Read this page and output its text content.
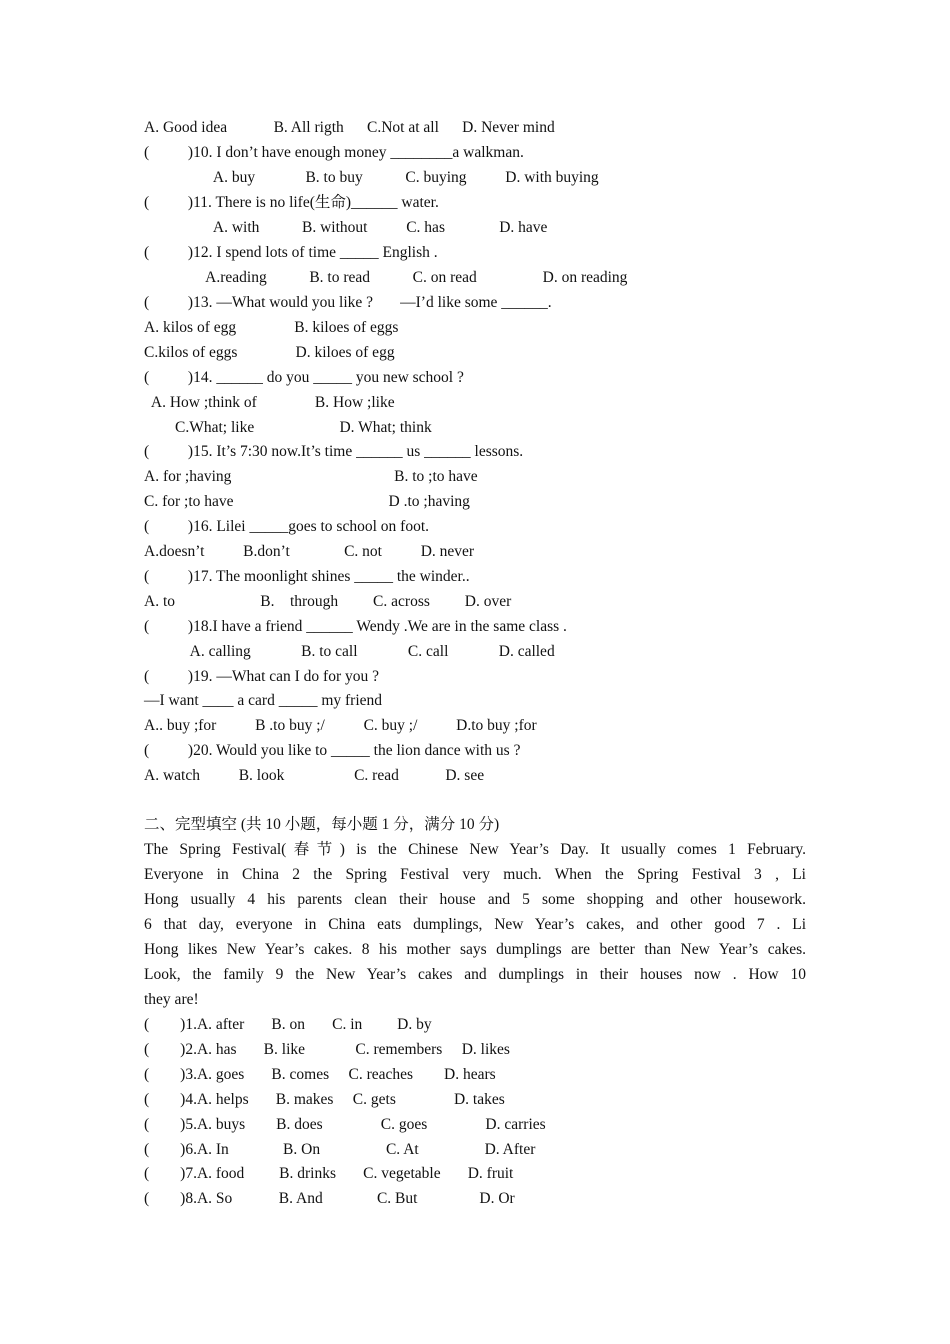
A. Good idea            B. All rigth      C.Not at all      D. Never mind

(          )10. I don’t have enough money ________a walkman.

A. buy             B. to buy           C. buying          D. with buying

(          )11. There is no life(生命)______ water.

A. with           B. without          C. has              D. have

(          )12. I spend lots of time _____ English .

A.reading           B. to read           C. on read                 D. on reading

(          )13. —What would you like ?       —I’d like some ______.

A. kilos of egg               B. kiloes of eggs

C.kilos of eggs               D. kiloes of egg

(          )14. ______ do you _____ you new school ?

A. How ;think of               B. How ;like

C.What; like                      D. What; think

(          )15. It’s 7:30 now.It’s time ______ us ______ lessons.

A. for ;having                                          B. to ;to have

C. for ;to have                                        D .to ;having

(          )16. Lilei _____goes to school on foot.

A.doesn’t          B.don’t              C. not          D. never

(          )17. The moonlight shines _____ the winder..

A. to                      B.    through         C. across         D. over

(          )18.I have a friend ______ Wendy .We are in the same class .

A. calling             B. to call             C. call             D. called

(          )19. —What can I do for you ?

—I want ____ a card _____ my friend

A.. buy ;for          B .to buy ;/          C. buy ;/          D.to buy ;for

(          )20. Would you like to _____ the lion dance with us ?

A. watch          B. look                  C. read            D. see

二、完型填空 (共 10 小题，每小题 1 分，满分 10 分)

The Spring Festival(春节) is the Chinese New Year’s Day. It usually comes 1 February.

Everyone in China 2 the Spring Festival very much. When the Spring Festival 3 , Li

Hong usually 4 his parents clean their house and 5 some shopping and other housework.

6 that day, everyone in China eats dumplings, New Year’s cakes, and other good 7 . Li

Hong likes New Year’s cakes. 8 his mother says dumplings are better than New Year’s cakes.

Look, the family 9 the New Year’s cakes and dumplings in their houses now . How 10

they are!

(        )1.A. after       B. on       C. in         D. by

(        )2.A. has       B. like             C. remembers     D. likes

(        )3.A. goes       B. comes     C. reaches        D. hears

(        )4.A. helps       B. makes     C. gets               D. takes

(        )5.A. buys        B. does               C. goes               D. carries

(        )6.A. In              B. On                 C. At                 D. After

(        )7.A. food         B. drinks       C. vegetable       D. fruit

(        )8.A. So            B. And              C. But                D. Or
